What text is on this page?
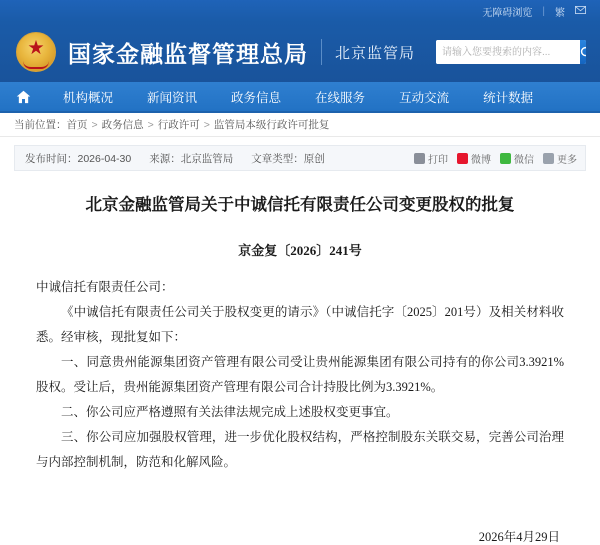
无障碍浏览 | 繁
★ 国家金融监督管理总局 北京监管局
请输入您要搜索的内容...
机构概况	新闻资讯	政务信息	在线服务	互动交流	统计数据
当前位置： 首页 > 政务信息 > 行政许可 > 监管局本级行政许可批复
发布时间：2026-04-30 来源：北京监管局 文章类型：原创	打印 微博 微信 更多
北京金融监管局关于中诚信托有限责任公司变更股权的批复
京金复〔2026〕241号

中诚信托有限责任公司：

《中诚信托有限责任公司关于股权变更的请示》（中诚信托字〔2025〕201号）及相关材料收悉。经审核，现批复如下：

一、同意贵州能源集团资产管理有限公司受让贵州能源集团有限公司持有的你公司3.3921%股权。受让后，贵州能源集团资产管理有限公司合计持股比例为3.3921%。

二、你公司应严格遵照有关法律法规完成上述股权变更事宜。

三、你公司应加强股权管理，进一步优化股权结构，严格控制股东关联交易，完善公司治理与内部控制机制，防范和化解风险。

2026年4月29日
